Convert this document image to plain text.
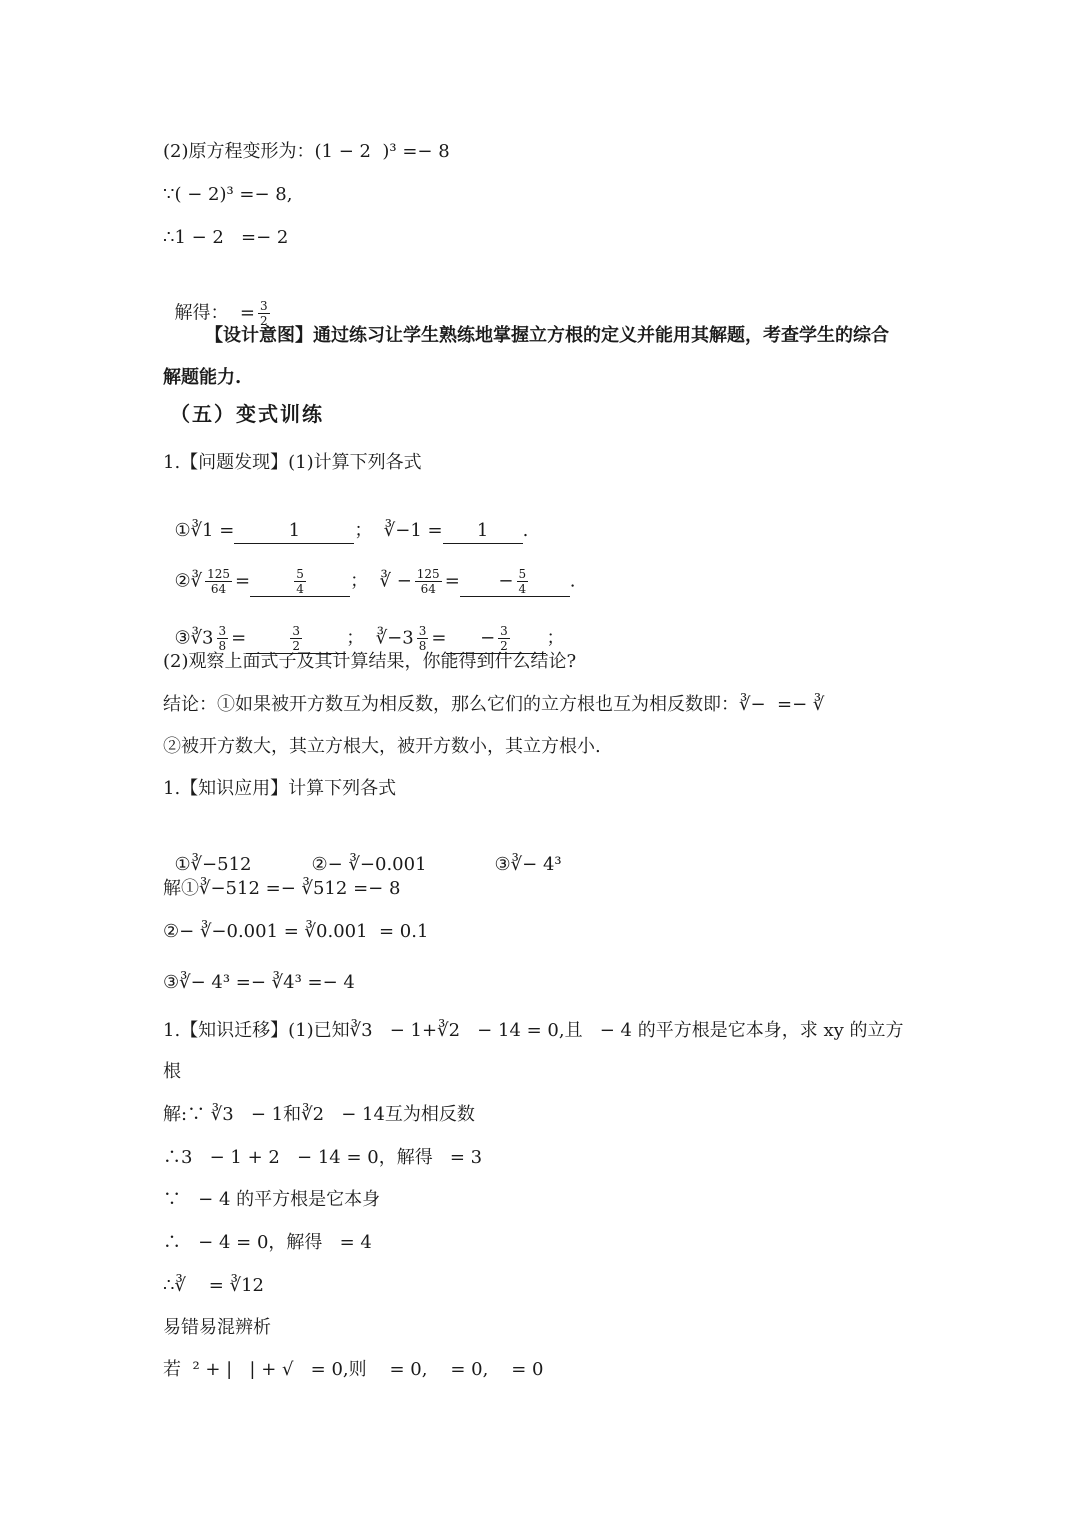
(2)原方程变形为：(1 − 2  )³ =− 8

∵( − 2)³ =− 8,

∴1 − 2   =− 2

解得：  = $\frac{3}{2}$

【设计意图】通过练习让学生熟练地掌握立方根的定义并能用其解题，考查学生的综合

解题能力.

（五）变式训练

1.【问题发现】(1)计算下列各式

①∛1 =	1	；  ∛−1 = 1 .

②∛ $\frac{125}{64}$ =	$\frac{5}{4}$ ；  ∛ − $\frac{125}{64}$ = − $\frac{5}{4}$ .

③∛3 $\frac{3}{8}$ =	$\frac{3}{2}$ ；  ∛−3 $\frac{3}{8}$ = − $\frac{3}{2}$ ；

(2)观察上面式子及其计算结果，你能得到什么结论?

结论：①如果被开方数互为相反数，那么它们的立方根也互为相反数即：∛−  =− ∛

②被开方数大，其立方根大，被开方数小，其立方根小.

1.【知识应用】计算下列各式

①∛−512	②− ∛−0.001	③∛− 4³

解①∛−512 =− ∛512 =− 8

②− ∛−0.001 = ∛0.001  = 0.1

③∛− 4³ =− ∛4³ =− 4

1.【知识迁移】(1)已知∛3   − 1+∛2   − 14 = 0,且   − 4 的平方根是它本身，求 xy 的立方

根

解:∵ ∛3   − 1和∛2   − 14互为相反数

∴3   − 1 + 2   − 14 = 0，解得   = 3

∵   − 4 的平方根是它本身

∴   − 4 = 0，解得   = 4

∴∛    = ∛12

易错易混辨析

若  ² + |   | + √   = 0,则    = 0,    = 0,    = 0
